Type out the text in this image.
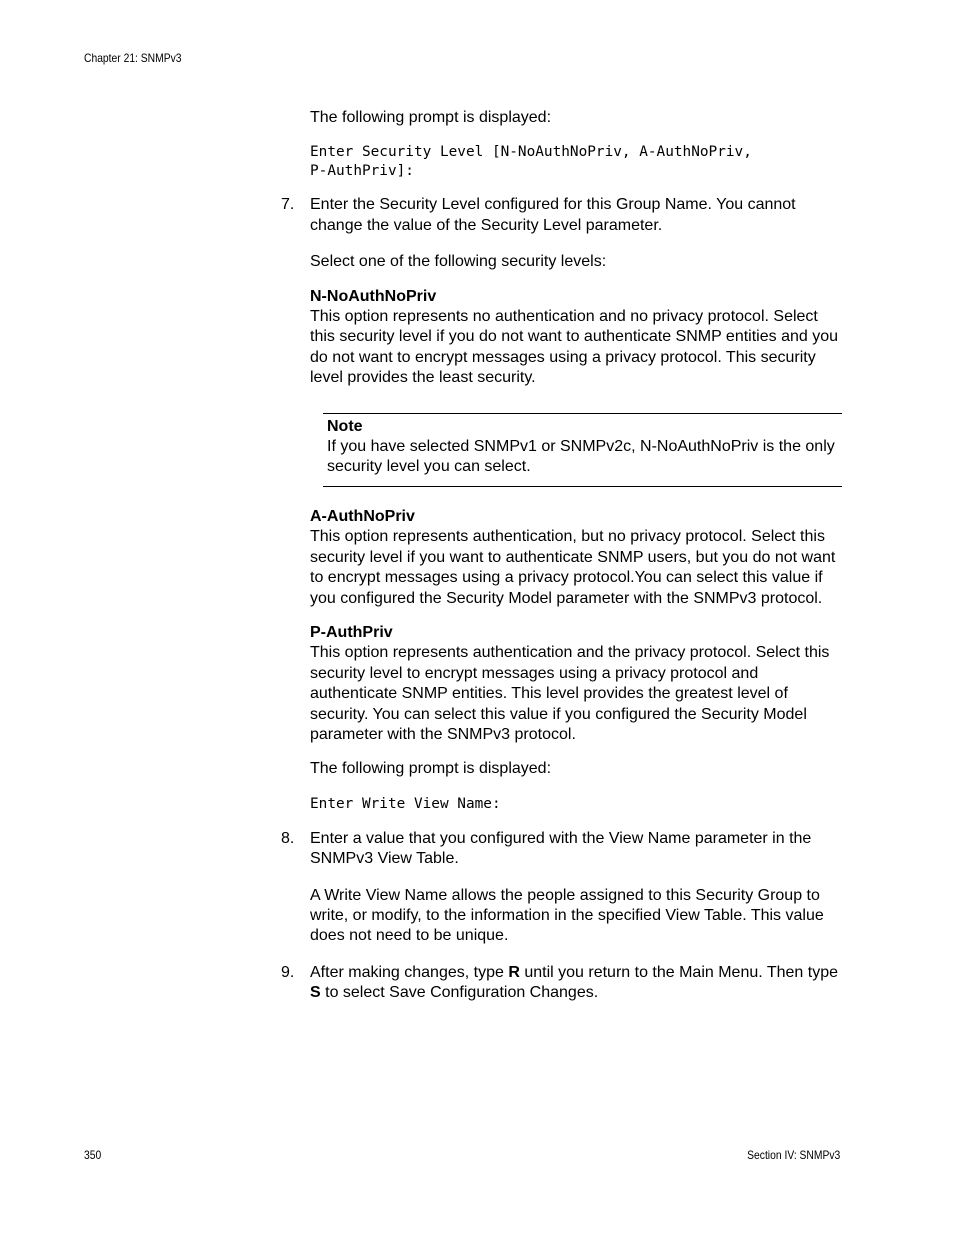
Chapter 21: SNMPv3

The following prompt is displayed:

Enter Security Level [N-NoAuthNoPriv, A-AuthNoPriv,
P-AuthPriv]:
7. Enter the Security Level configured for this Group Name. You cannot change the value of the Security Level parameter.

Select one of the following security levels:

N-NoAuthNoPriv

This option represents no authentication and no privacy protocol. Select this security level if you do not want to authenticate SNMP entities and you do not want to encrypt messages using a privacy protocol. This security level provides the least security.

Note

If you have selected SNMPv1 or SNMPv2c, N-NoAuthNoPriv is the only security level you can select.

A-AuthNoPriv

This option represents authentication, but no privacy protocol. Select this security level if you want to authenticate SNMP users, but you do not want to encrypt messages using a privacy protocol.You can select this value if you configured the Security Model parameter with the SNMPv3 protocol.

P-AuthPriv

This option represents authentication and the privacy protocol. Select this security level to encrypt messages using a privacy protocol and authenticate SNMP entities. This level provides the greatest level of security. You can select this value if you configured the Security Model parameter with the SNMPv3 protocol.

The following prompt is displayed:

Enter Write View Name:
8. Enter a value that you configured with the View Name parameter in the SNMPv3 View Table.

A Write View Name allows the people assigned to this Security Group to write, or modify, to the information in the specified View Table. This value does not need to be unique.

9. After making changes, type R until you return to the Main Menu. Then type S to select Save Configuration Changes.

350	Section IV: SNMPv3
